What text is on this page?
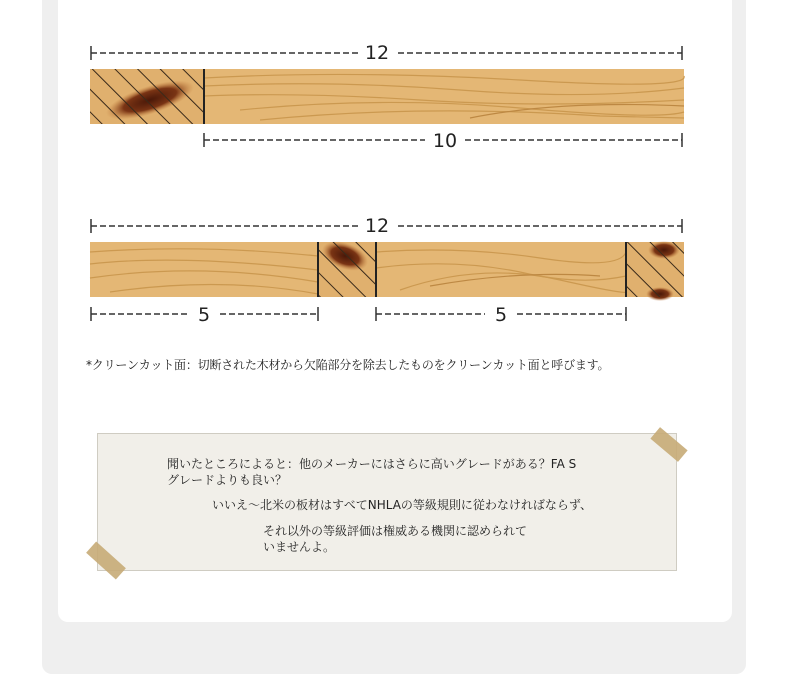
12
10
12
5	5
*クリーンカット面：切断された木材から欠陥部分を除去したものをクリーンカット面と呼びます。
聞いたところによると：他のメーカーにはさらに高いグレードがある？FA Sグレードよりも良い？
いいえ〜北米の板材はすべてNHLAの等級規則に従わなければならず、
それ以外の等級評価は権威ある機関に認められていませんよ。
